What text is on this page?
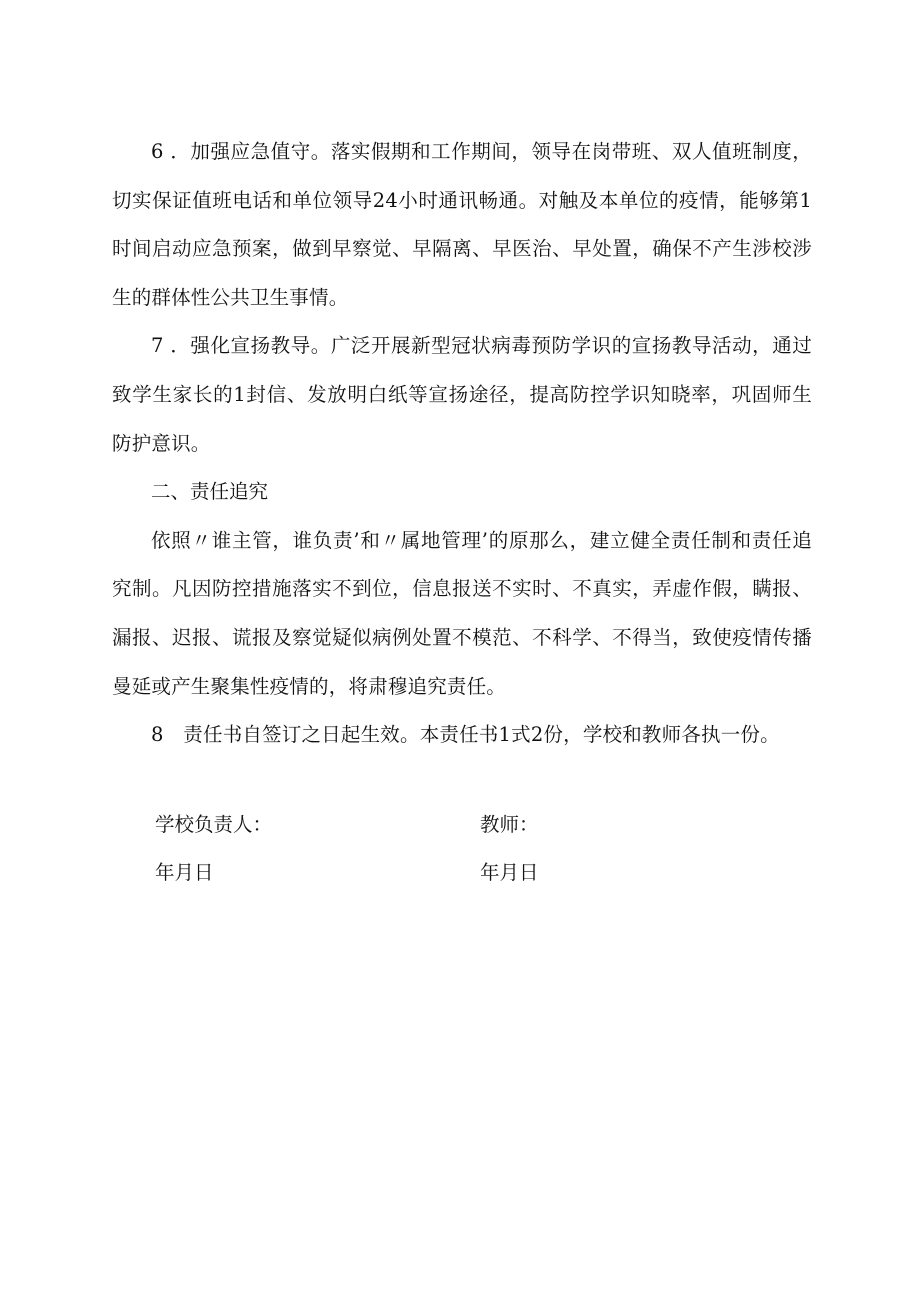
6 ．加强应急值守。落实假期和工作期间，领导在岗带班、双人值班制度，切实保证值班电话和单位领导24小时通讯畅通。对触及本单位的疫情，能够第1时间启动应急预案，做到早察觉、早隔离、早医治、早处置，确保不产生涉校涉生的群体性公共卫生事情。

7 ．强化宣扬教导。广泛开展新型冠状病毒预防学识的宣扬教导活动，通过致学生家长的1封信、发放明白纸等宣扬途径，提高防控学识知晓率，巩固师生防护意识。

二、责任追究

依照〃谁主管，谁负责’和〃属地管理’的原那么，建立健全责任制和责任追究制。凡因防控措施落实不到位，信息报送不实时、不真实，弄虚作假，瞒报、漏报、迟报、谎报及察觉疑似病例处置不模范、不科学、不得当，致使疫情传播曼延或产生聚集性疫情的，将肃穆追究责任。

8　责任书自签订之日起生效。本责任书1式2份，学校和教师各执一份。

学校负责人：	教师：
年月日	年月日
